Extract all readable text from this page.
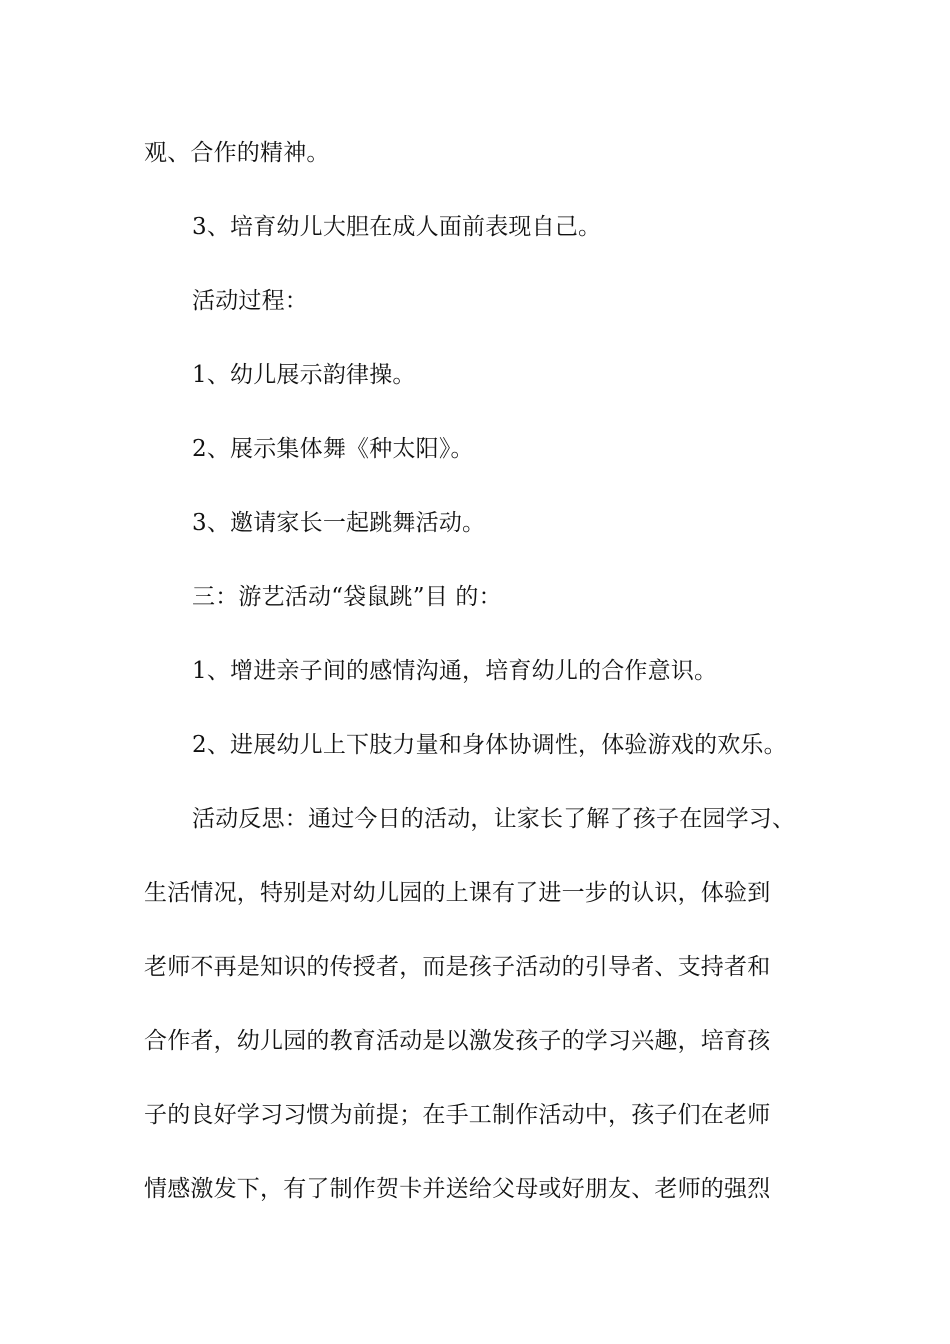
观、合作的精神。
3、培育幼儿大胆在成人面前表现自己。
活动过程：
1、幼儿展示韵律操。
2、展示集体舞《种太阳》。
3、邀请家长一起跳舞活动。
三：游艺活动“袋鼠跳”目 的：
1、增进亲子间的感情沟通，培育幼儿的合作意识。
2、进展幼儿上下肢力量和身体协调性，体验游戏的欢乐。
活动反思：通过今日的活动，让家长了解了孩子在园学习、
生活情况，特别是对幼儿园的上课有了进一步的认识，体验到
老师不再是知识的传授者，而是孩子活动的引导者、支持者和
合作者，幼儿园的教育活动是以激发孩子的学习兴趣，培育孩
子的良好学习习惯为前提；在手工制作活动中，孩子们在老师
情感激发下，有了制作贺卡并送给父母或好朋友、老师的强烈
